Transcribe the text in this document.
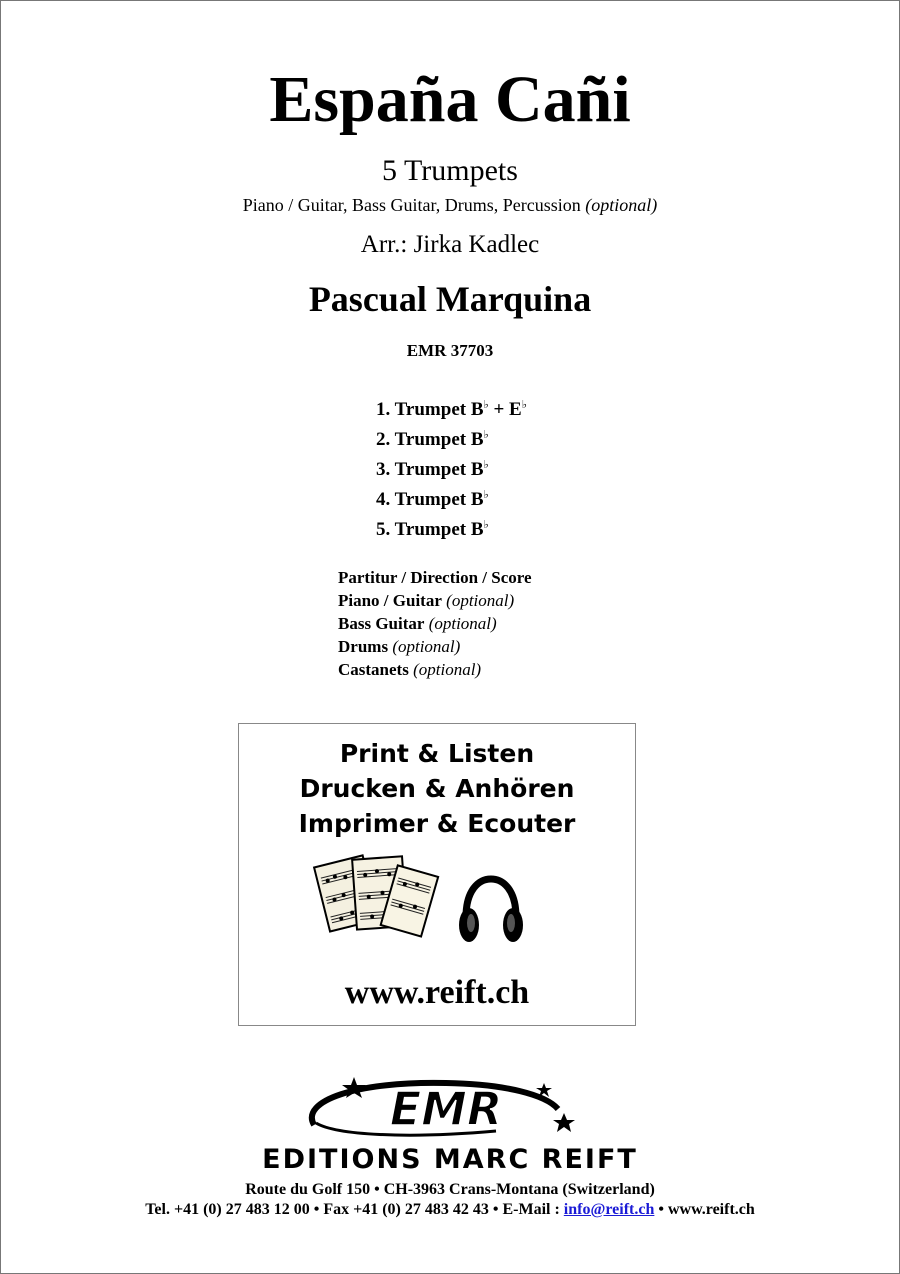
España Cañi
5 Trumpets
Piano / Guitar, Bass Guitar, Drums, Percussion (optional)
Arr.: Jirka Kadlec
Pascual Marquina
EMR 37703
1. Trumpet B♭ + E♭
2. Trumpet B♭
3. Trumpet B♭
4. Trumpet B♭
5. Trumpet B♭
Partitur / Direction / Score
Piano / Guitar (optional)
Bass Guitar (optional)
Drums (optional)
Castanets (optional)
Print & Listen
Drucken & Anhören
Imprimer & Ecouter
www.reift.ch
EMR
EDITIONS MARC REIFT
Route du Golf 150 • CH-3963 Crans-Montana (Switzerland)
Tel. +41 (0) 27 483 12 00 • Fax +41 (0) 27 483 42 43 • E-Mail : info@reift.ch • www.reift.ch
